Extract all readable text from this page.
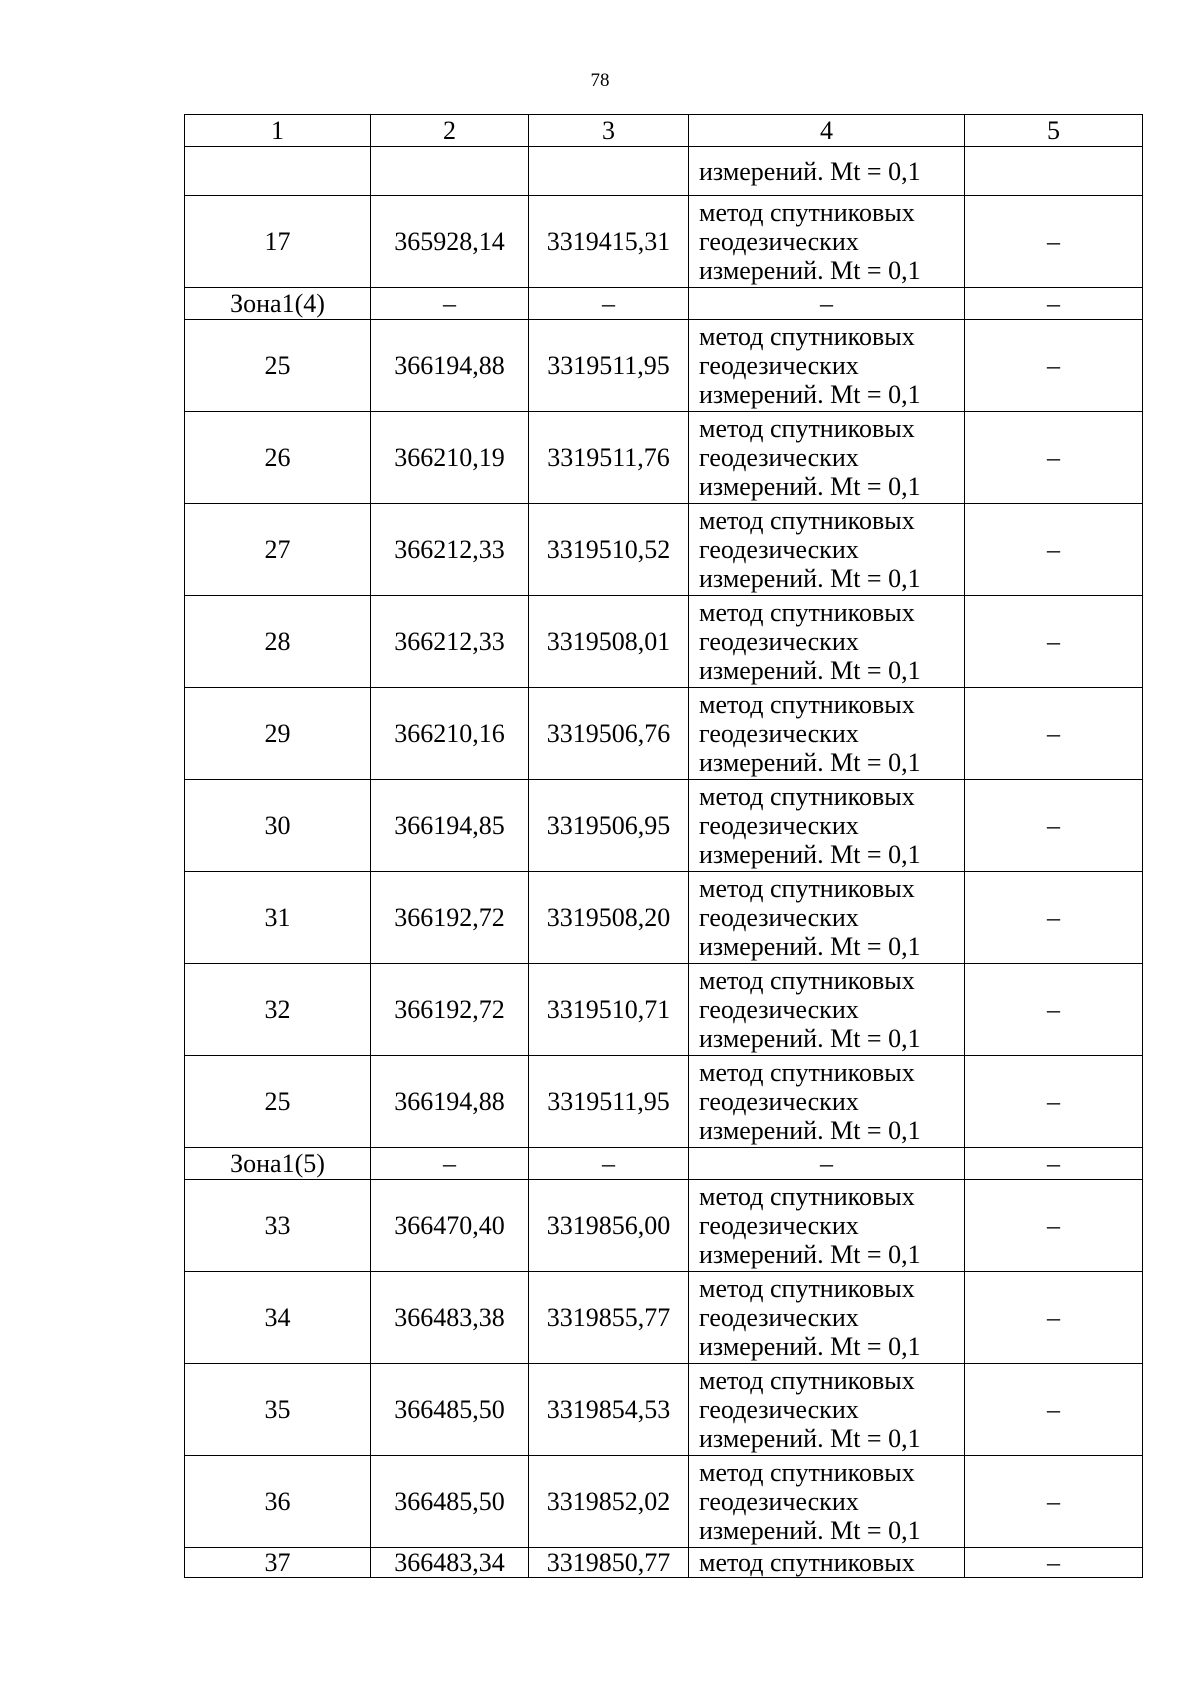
78
1	2	3	4	5

			измерений. Mt = 0,1	

17	365928,14	3319415,31	метод спутниковых
геодезических
измерений. Mt = 0,1	–
Зона1(4)	–	–	–	–
25	366194,88	3319511,95	метод спутниковых
геодезических
измерений. Mt = 0,1	–
26	366210,19	3319511,76	метод спутниковых
геодезических
измерений. Mt = 0,1	–
27	366212,33	3319510,52	метод спутниковых
геодезических
измерений. Mt = 0,1	–
28	366212,33	3319508,01	метод спутниковых
геодезических
измерений. Mt = 0,1	–
29	366210,16	3319506,76	метод спутниковых
геодезических
измерений. Mt = 0,1	–
30	366194,85	3319506,95	метод спутниковых
геодезических
измерений. Mt = 0,1	–
31	366192,72	3319508,20	метод спутниковых
геодезических
измерений. Mt = 0,1	–
32	366192,72	3319510,71	метод спутниковых
геодезических
измерений. Mt = 0,1	–
25	366194,88	3319511,95	метод спутниковых
геодезических
измерений. Mt = 0,1	–
Зона1(5)	–	–	–	–
33	366470,40	3319856,00	метод спутниковых
геодезических
измерений. Mt = 0,1	–
34	366483,38	3319855,77	метод спутниковых
геодезических
измерений. Mt = 0,1	–
35	366485,50	3319854,53	метод спутниковых
геодезических
измерений. Mt = 0,1	–
36	366485,50	3319852,02	метод спутниковых
геодезических
измерений. Mt = 0,1	–
37	366483,34	3319850,77	метод спутниковых	–
